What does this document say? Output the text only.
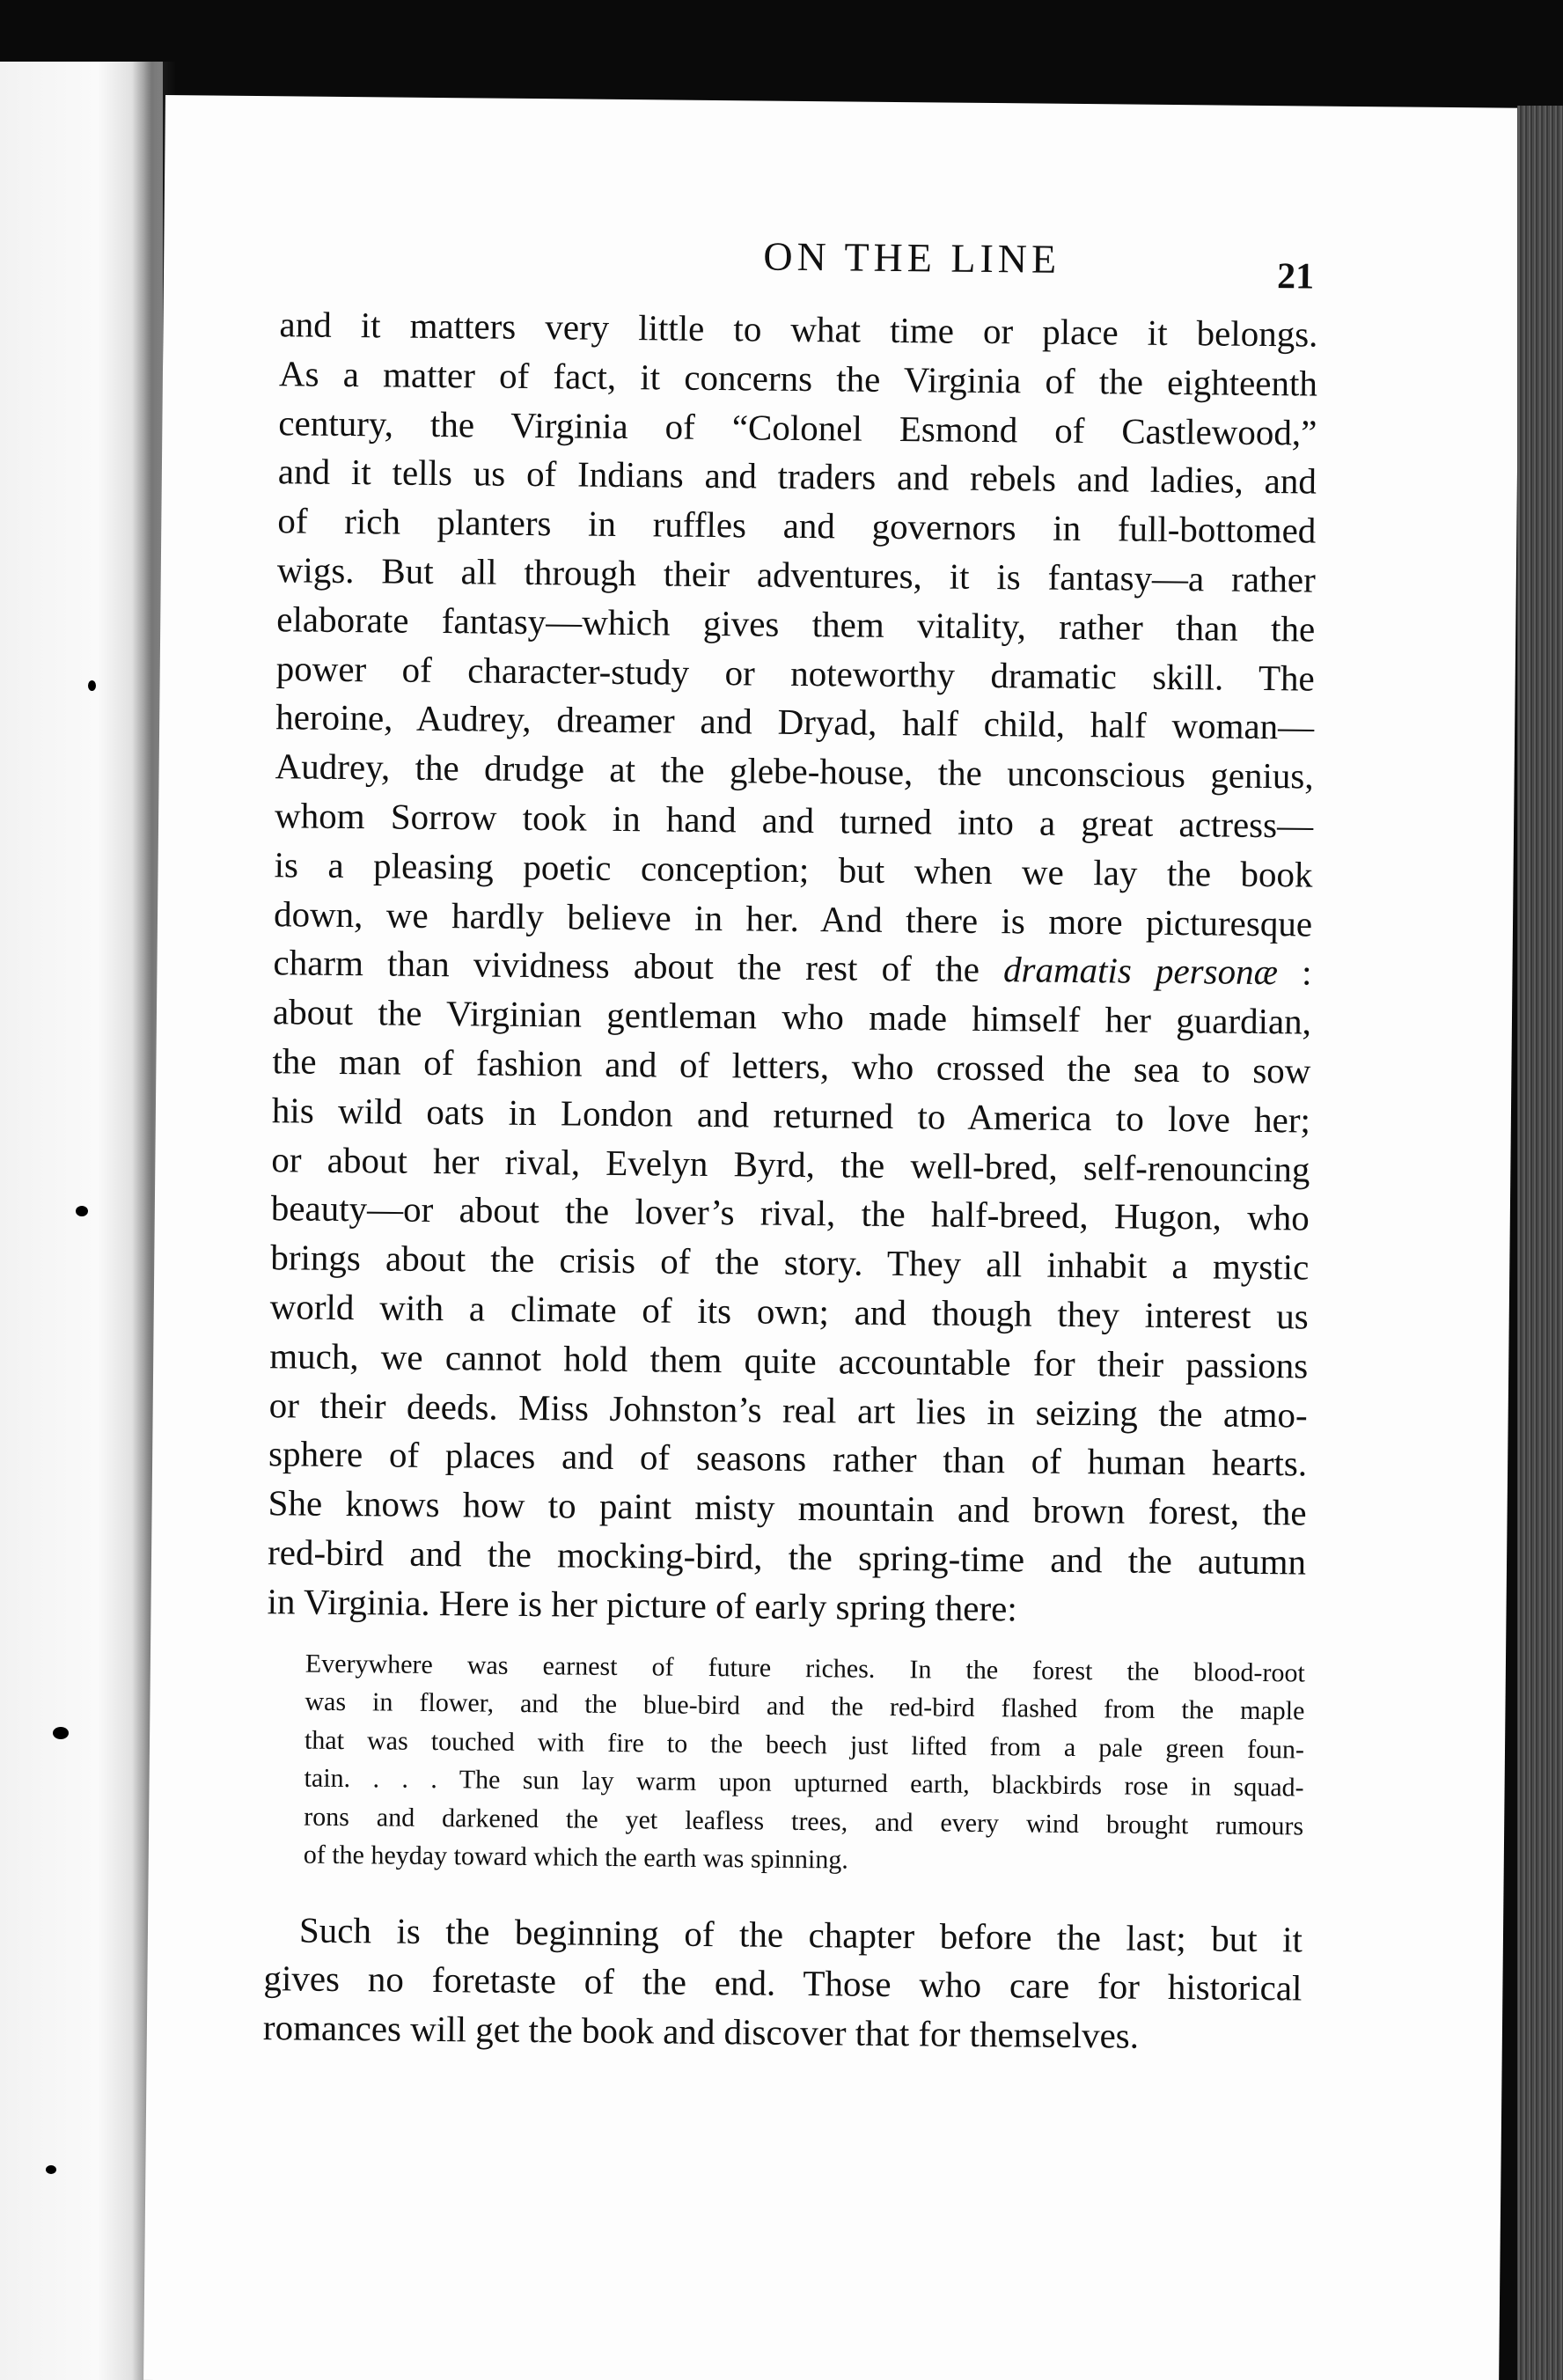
ON THE LINE	21
and it matters very little to what time or place it belongs.
As a matter of fact, it concerns the Virginia of the eighteenth
century, the Virginia of “Colonel Esmond of Castlewood,”
and it tells us of Indians and traders and rebels and ladies, and
of rich planters in ruffles and governors in full-bottomed
wigs. But all through their adventures, it is fantasy—a rather
elaborate fantasy—which gives them vitality, rather than the
power of character-study or noteworthy dramatic skill. The
heroine, Audrey, dreamer and Dryad, half child, half woman—
Audrey, the drudge at the glebe-house, the unconscious genius,
whom Sorrow took in hand and turned into a great actress—
is a pleasing poetic conception; but when we lay the book
down, we hardly believe in her. And there is more picturesque
charm than vividness about the rest of the dramatis personæ :
about the Virginian gentleman who made himself her guardian,
the man of fashion and of letters, who crossed the sea to sow
his wild oats in London and returned to America to love her;
or about her rival, Evelyn Byrd, the well-bred, self-renouncing
beauty—or about the lover’s rival, the half-breed, Hugon, who
brings about the crisis of the story. They all inhabit a mystic
world with a climate of its own; and though they interest us
much, we cannot hold them quite accountable for their passions
or their deeds. Miss Johnston’s real art lies in seizing the atmo-
sphere of places and of seasons rather than of human hearts.
She knows how to paint misty mountain and brown forest, the
red-bird and the mocking-bird, the spring-time and the autumn
in Virginia. Here is her picture of early spring there:
Everywhere was earnest of future riches. In the forest the blood-root
was in flower, and the blue-bird and the red-bird flashed from the maple
that was touched with fire to the beech just lifted from a pale green foun-
tain. . . . The sun lay warm upon upturned earth, blackbirds rose in squad-
rons and darkened the yet leafless trees, and every wind brought rumours
of the heyday toward which the earth was spinning.
Such is the beginning of the chapter before the last; but it
gives no foretaste of the end. Those who care for historical
romances will get the book and discover that for themselves.
